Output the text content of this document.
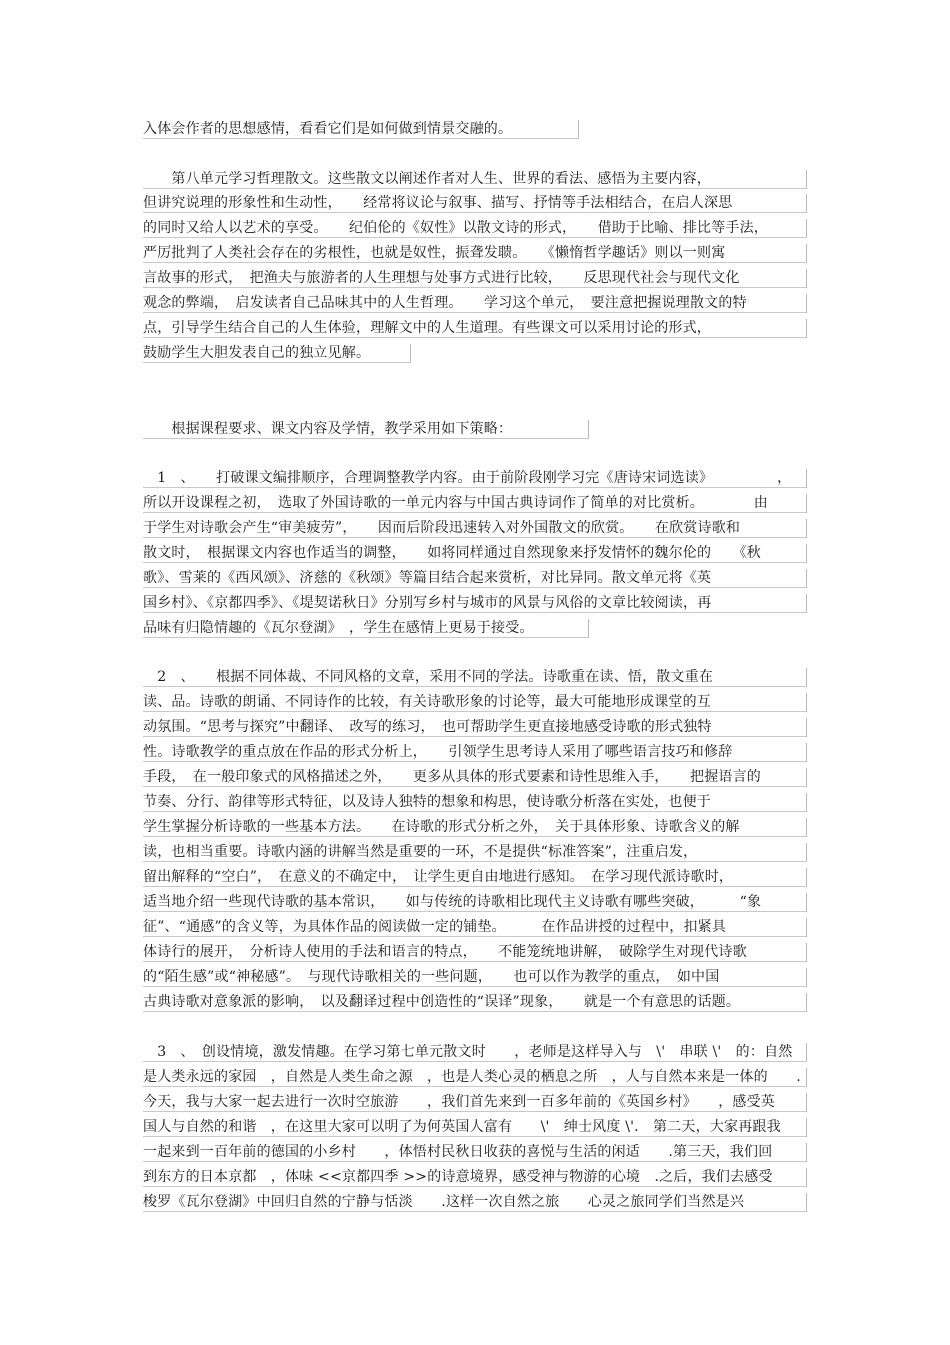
入体会作者的思想感情，看看它们是如何做到情景交融的。
　　第八单元学习哲理散文。这些散文以阐述作者对人生、世界的看法、感悟为主要内容，
但讲究说理的形象性和生动性，　　经常将议论与叙事、描写、抒情等手法相结合，在启人深思
的同时又给人以艺术的享受。　　纪伯伦的《奴性》以散文诗的形式，　　借助于比喻、排比等手法，
严厉批判了人类社会存在的劣根性，也就是奴性，振聋发聩。　　《懒惰哲学趣话》则以一则寓
言故事的形式，　把渔夫与旅游者的人生理想与处事方式进行比较，　　反思现代社会与现代文化
观念的弊端，　启发读者自己品味其中的人生哲理。　　学习这个单元，　要注意把握说理散文的特
点，引导学生结合自己的人生体验，理解文中的人生道理。有些课文可以采用讨论的形式，
鼓励学生大胆发表自己的独立见解。
　　根据课程要求、课文内容及学情，教学采用如下策略：
　1　、　　打破课文编排顺序，合理调整教学内容。由于前阶段刚学习完《唐诗宋词选读》　　　　　，
所以开设课程之初，　选取了外国诗歌的一单元内容与中国古典诗词作了简单的对比赏析。　　　　由
于学生对诗歌会产生“审美疲劳”，　　因而后阶段迅速转入对外国散文的欣赏。　　在欣赏诗歌和
散文时，　根据课文内容也作适当的调整，　　如将同样通过自然现象来抒发情怀的魏尔伦的　　《秋
歌》、雪莱的《西风颂》、济慈的《秋颂》等篇目结合起来赏析，对比异同。散文单元将《英
国乡村》、《京都四季》、《堤契诺秋日》分别写乡村与城市的风景与风俗的文章比较阅读，再
品味有归隐情趣的《瓦尔登湖》　，学生在感情上更易于接受。
　2　、　　根据不同体裁、不同风格的文章，采用不同的学法。诗歌重在读、悟，散文重在
读、品。诗歌的朗诵、不同诗作的比较，有关诗歌形象的讨论等，最大可能地形成课堂的互
动氛围。“思考与探究”中翻译、　改写的练习，　也可帮助学生更直接地感受诗歌的形式独特
性。诗歌教学的重点放在作品的形式分析上，　　引领学生思考诗人采用了哪些语言技巧和修辞
手段，　在一般印象式的风格描述之外，　　更多从具体的形式要素和诗性思维入手，　　把握语言的
节奏、分行、韵律等形式特征，以及诗人独特的想象和构思，使诗歌分析落在实处，也便于
学生掌握分析诗歌的一些基本方法。　　在诗歌的形式分析之外，　关于具体形象、诗歌含义的解
读，也相当重要。诗歌内涵的讲解当然是重要的一环，不是提供“标准答案”，注重启发，
留出解释的“空白”，　在意义的不确定中，　让学生更自由地进行感知。　在学习现代派诗歌时，
适当地介绍一些现代诗歌的基本常识，　　如与传统的诗歌相比现代主义诗歌有哪些突破，　　　“象
征”、“通感”的含义等，为具体作品的阅读做一定的铺垫。　　　在作品讲授的过程中，扣紧具
体诗行的展开，　分析诗人使用的手法和语言的特点，　　不能笼统地讲解，　破除学生对现代诗歌
的“陌生感”或“神秘感”。　与现代诗歌相关的一些问题，　　也可以作为教学的重点，　如中国
古典诗歌对意象派的影响，　以及翻译过程中创造性的“误译”现象，　　就是一个有意思的话题。
　3　、　创设情境，激发情趣。在学习第七单元散文时　　，老师是这样导入与　\'　串联 \'　的：自然
是人类永远的家园　，自然是人类生命之源　，也是人类心灵的栖息之所　，人与自然本来是一体的　　.
今天，我与大家一起去进行一次时空旅游　　，我们首先来到一百多年前的《英国乡村》　　，感受英
国人与自然的和谐　，在这里大家可以明了为何英国人富有　　\'　绅士风度 \'.　第二天，大家再跟我
一起来到一百年前的德国的小乡村　　，体悟村民秋日收获的喜悦与生活的闲适　　.第三天，我们回
到东方的日本京都　，体味 <<京都四季 >>的诗意境界，感受神与物游的心境　.之后，我们去感受
梭罗《瓦尔登湖》中回归自然的宁静与恬淡　　.这样一次自然之旅　　心灵之旅同学们当然是兴
